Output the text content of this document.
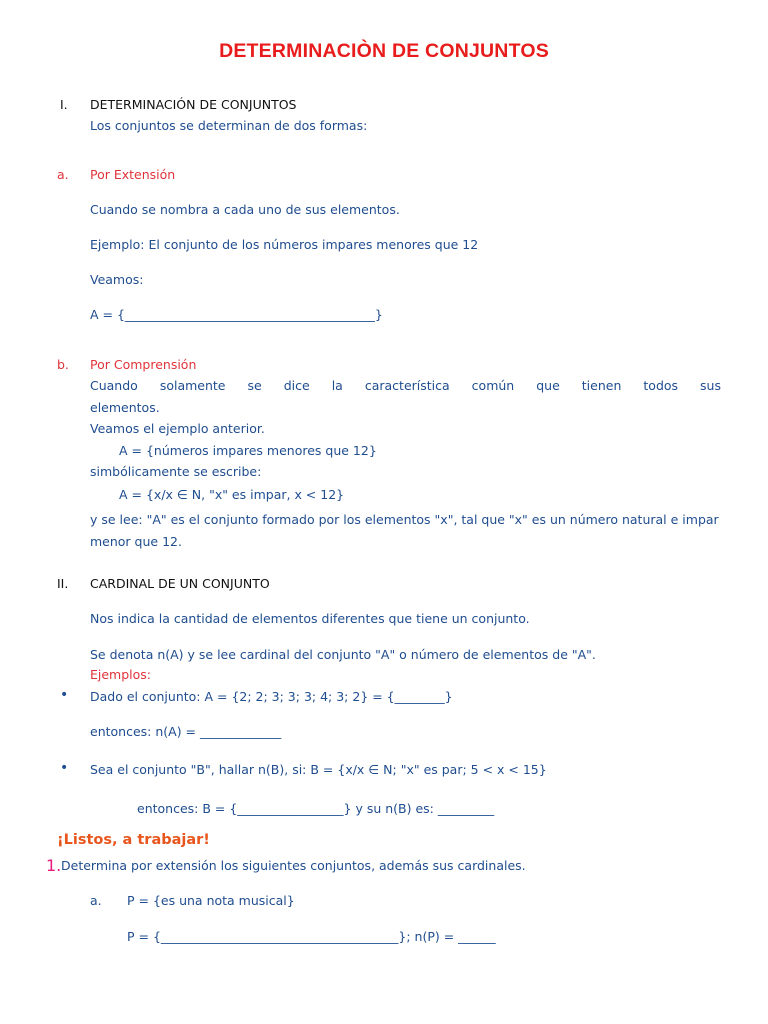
DETERMINACIÒN DE CONJUNTOS
I. DETERMINACIÓN DE CONJUNTOS
Los conjuntos se determinan de dos formas:
a. Por Extensión
Cuando se nombra a cada uno de sus elementos.
Ejemplo: El conjunto de los números impares menores que 12
Veamos:
A = {________________________________________}
b. Por Comprensión
Cuando solamente se dice la característica común que tienen todos sus
elementos.
Veamos el ejemplo anterior.
A = {números impares menores que 12}
simbólicamente se escribe:
A = {x/x ∈ N, "x" es impar, x < 12}
y se lee: "A" es el conjunto formado por los elementos "x", tal que "x" es un número natural e impar
menor que 12.
II. CARDINAL DE UN CONJUNTO
Nos indica la cantidad de elementos diferentes que tiene un conjunto.
Se denota n(A) y se lee cardinal del conjunto "A" o número de elementos de "A".
Ejemplos:
• Dado el conjunto: A = {2; 2; 3; 3; 3; 4; 3; 2} = {________}
entonces: n(A) = _____________
• Sea el conjunto "B", hallar n(B), si: B = {x/x ∈ N; "x" es par; 5 < x < 15}
entonces: B = {_________________} y su n(B) es: _________
¡Listos, a trabajar!
1. Determina por extensión los siguientes conjuntos, además sus cardinales.
a. P = {es una nota musical}
P = {______________________________________}; n(P) = ______
